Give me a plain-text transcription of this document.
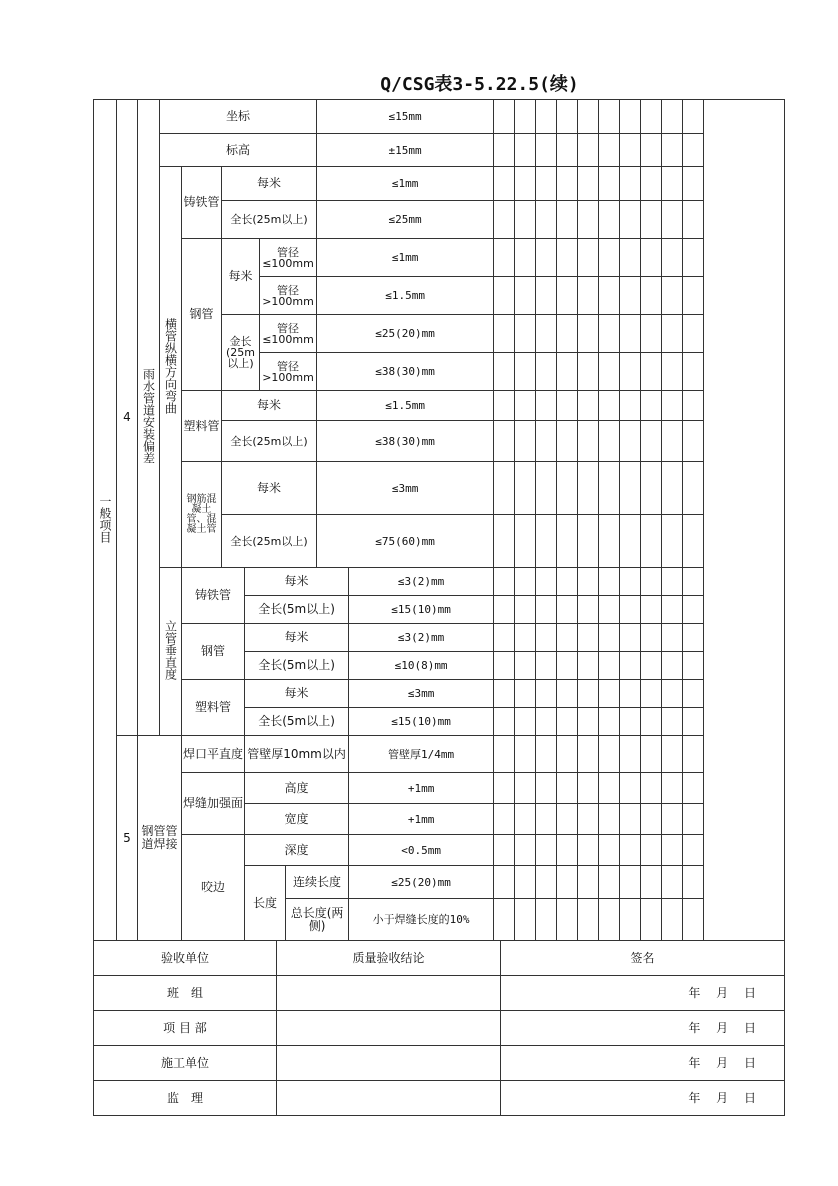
Q/CSG表3-5.22.5(续)
一般项目	4	雨水管道安装偏差	坐标						≤15mm												
			标高						±15mm												
			横管纵横方向弯曲	铸铁管	每米				≤1mm												
					全长(25m以上)				≤25mm												
				钢管	每米		管径≤100mm		≤1mm												
							管径>100mm		≤1.5mm												
					金长(25m以上)		管径≤100mm		≤25(20)mm												
							管径>100mm		≤38(30)mm												
				塑料管	每米				≤1.5mm												
					全长(25m以上)				≤38(30)mm												
				钢筋混凝土管、混凝土管	每米				≤3mm												
					全长(25m以上)				≤75(60)mm												
			立管垂直度	铸铁管		每米				≤3(2)mm											
						全长(5m以上)				≤15(10)mm											
				钢管		每米				≤3(2)mm											
						全长(5m以上)				≤10(8)mm											
				塑料管		每米				≤3mm											
						全长(5m以上)				≤15(10)mm											
	5	钢管管道焊接		焊口平直度		管壁厚10mm以内				管壁厚1/4mm											
				焊缝加强面		高度				+1mm											
						宽度				+1mm											
				咬边		深度				<0.5mm											
						长度		连续长度		≤25(20)mm											
								总长度(两侧)		小于焊缝长度的10%											
验收单位	质量验收结论	签名
班　组		年 月 日
项 目 部		年 月 日
施工单位		年 月 日
监　理		年 月 日
